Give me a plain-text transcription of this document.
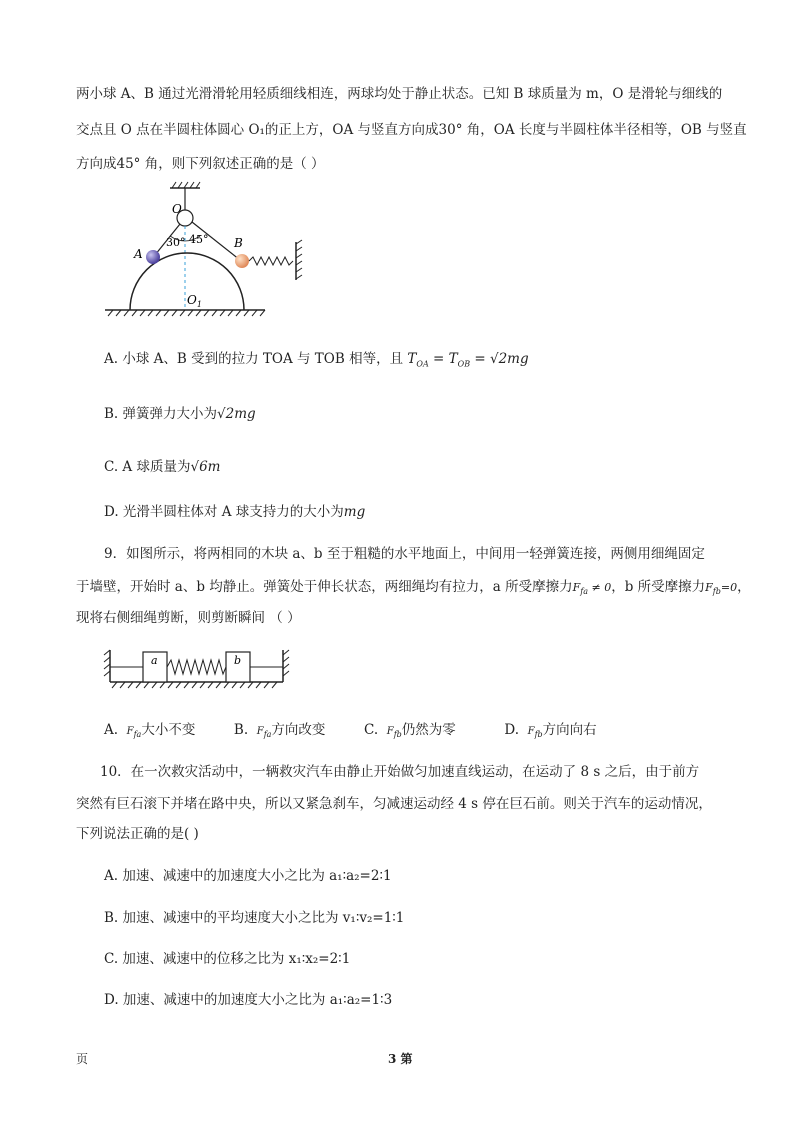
两小球 A、B 通过光滑滑轮用轻质细线相连，两球均处于静止状态。已知 B 球质量为 m，O 是滑轮与细线的
交点且 O 点在半圆柱体圆心 O₁的正上方，OA 与竖直方向成30° 角，OA 长度与半圆柱体半径相等，OB 与竖直
方向成45° 角，则下列叙述正确的是（ ）
O
A
B
30° 45°
$O_1$
A. 小球 A、B 受到的拉力 TOA 与 TOB 相等，且 $T_{OA} = T_{OB} = √2mg$
B. 弹簧弹力大小为√2mg
C. A 球质量为√6m
D. 光滑半圆柱体对 A 球支持力的大小为mg
9．如图所示，将两相同的木块 a、b 至于粗糙的水平地面上，中间用一轻弹簧连接，两侧用细绳固定
于墙壁，开始时 a、b 均静止。弹簧处于伸长状态，两细绳均有拉力，a 所受摩擦力$F_{fa} \ne 0$，b 所受摩擦力$F_{fb}=0$，
现将右侧细绳剪断，则剪断瞬间 （ ）
a	b
A. $F_{fa}$大小不变	B. $F_{fa}$方向改变	C. $F_{fb}$仍然为零	D. $F_{fb}$方向向右
10．在一次救灾活动中，一辆救灾汽车由静止开始做匀加速直线运动，在运动了 8 s 之后，由于前方
突然有巨石滚下并堵在路中央，所以又紧急刹车，匀减速运动经 4 s 停在巨石前。则关于汽车的运动情况，
下列说法正确的是( )
A. 加速、减速中的加速度大小之比为 a₁∶a₂=2∶1
B. 加速、减速中的平均速度大小之比为 v₁∶v₂=1∶1
C. 加速、减速中的位移之比为 x₁∶x₂=2∶1
D. 加速、减速中的加速度大小之比为 a₁∶a₂=1∶3
页	3 第
